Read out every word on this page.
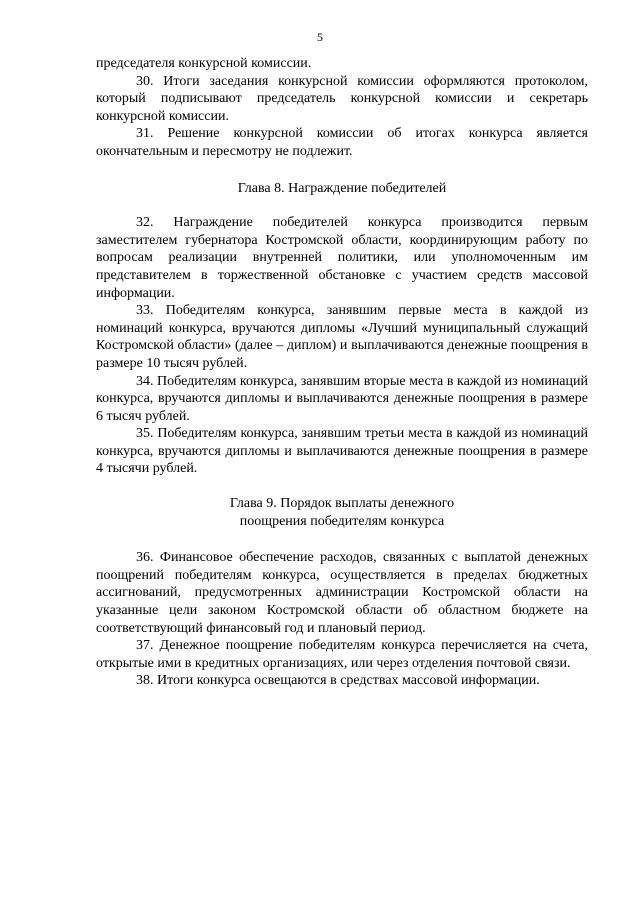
5

председателя конкурсной комиссии.

30. Итоги заседания конкурсной комиссии оформляются протоколом, который подписывают председатель конкурсной комиссии и секретарь конкурсной комиссии.

31. Решение конкурсной комиссии об итогах конкурса является окончательным и пересмотру не подлежит.

Глава 8. Награждение победителей

32. Награждение победителей конкурса производится первым заместителем губернатора Костромской области, координирующим работу по вопросам реализации внутренней политики, или уполномоченным им представителем в торжественной обстановке с участием средств массовой информации.

33. Победителям конкурса, занявшим первые места в каждой из номинаций конкурса, вручаются дипломы «Лучший муниципальный служащий Костромской области» (далее – диплом) и выплачиваются денежные поощрения в размере 10 тысяч рублей.

34. Победителям конкурса, занявшим вторые места в каждой из номинаций конкурса, вручаются дипломы и выплачиваются денежные поощрения в размере 6 тысяч рублей.

35. Победителям конкурса, занявшим третьи места в каждой из номинаций конкурса, вручаются дипломы и выплачиваются денежные поощрения в размере 4 тысячи рублей.

Глава 9. Порядок выплаты денежного
поощрения победителям конкурса

36. Финансовое обеспечение расходов, связанных с выплатой денежных поощрений победителям конкурса, осуществляется в пределах бюджетных ассигнований, предусмотренных администрации Костромской области на указанные цели законом Костромской области об областном бюджете на соответствующий финансовый год и плановый период.

37. Денежное поощрение победителям конкурса перечисляется на счета, открытые ими в кредитных организациях, или через отделения почтовой связи.

38. Итоги конкурса освещаются в средствах массовой информации.
